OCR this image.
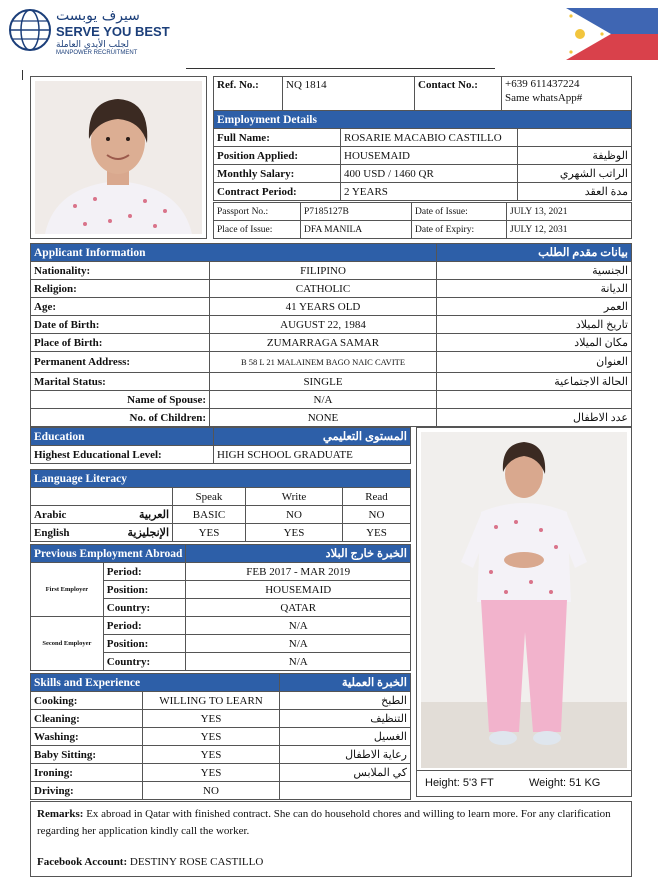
سيرف يوبست
SERVE YOU BEST
لجلب الأيدي العاملة
MANPOWER RECRUITMENT
Ref. No.:	NQ 1814	Contact No.:	+639 611437224
Same whatsApp#
Employment Details		
Full Name:	ROSARIE MACABIO CASTILLO	
Position Applied:	HOUSEMAID	الوظيفة
Monthly Salary:	400 USD / 1460 QR	الراتب الشهري
Contract Period:	2 YEARS	مدة العقد
Passport No.:	P7185127B	Date of Issue:	JULY 13, 2021
Place of Issue:	DFA MANILA	Date of Expiry:	JULY 12, 2031
Applicant Information		بيانات مقدم الطلب
Nationality:	FILIPINO	الجنسية
Religion:	CATHOLIC	الديانة
Age:	41 YEARS OLD	العمر
Date of Birth:	AUGUST 22, 1984	تاريخ الميلاد
Place of Birth:	ZUMARRAGA SAMAR	مكان الميلاد
Permanent Address:	B 58 L 21 MALAINEM BAGO NAIC CAVITE	العنوان
Marital Status:	SINGLE	الحالة الاجتماعية
Name of Spouse:	N/A	
No. of Children:	NONE	عدد الاطفال
Education	المستوى التعليمي
Highest Educational Level:	HIGH SCHOOL GRADUATE
Language Literacy			
	Speak	Write	Read
Arabic العربية	BASIC	NO	NO
English الإنجليزية	YES	YES	YES
Previous Employment Abroad		الخبرة خارج البلاد
First Employer	Period:	FEB 2017 - MAR 2019
	Position:	HOUSEMAID
	Country:	QATAR
Second Employer	Period:	N/A
	Position:	N/A
	Country:	N/A
Skills and Experience		الخبرة العملية
Cooking:	WILLING TO LEARN	الطبخ
Cleaning:	YES	التنظيف
Washing:	YES	الغسيل
Baby Sitting:	YES	رعاية الاطفال
Ironing:	YES	كي الملابس
Driving:	NO	
Height: 5'3 FT	Weight: 51 KG
Remarks: Ex abroad in Qatar with finished contract. She can do household chores and willing to learn more. For any clarification regarding her application kindly call the worker.
Facebook Account: DESTINY ROSE CASTILLO
